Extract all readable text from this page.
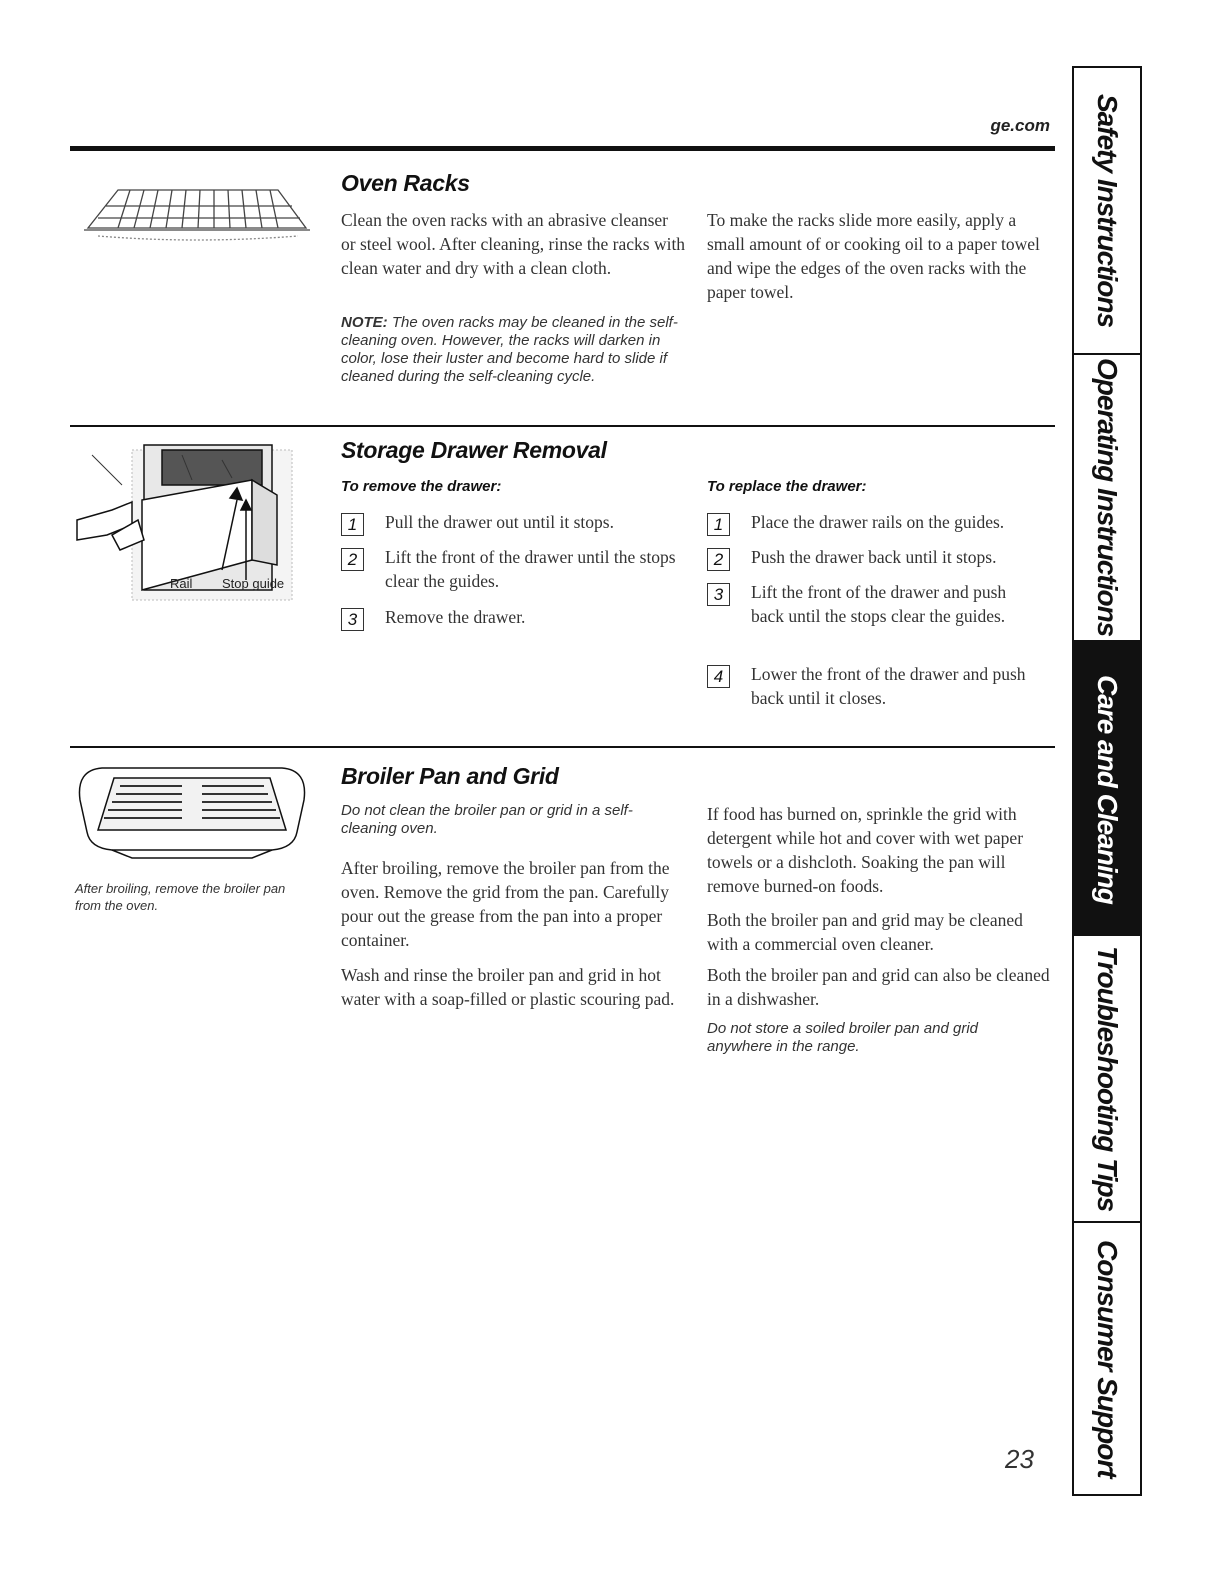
ge.com
Oven Racks
Clean the oven racks with an abrasive cleanser or steel wool. After cleaning, rinse the racks with clean water and dry with a clean cloth.
NOTE: The oven racks may be cleaned in the self-cleaning oven. However, the racks will darken in color, lose their luster and become hard to slide if cleaned during the self-cleaning cycle.
To make the racks slide more easily, apply a small amount of or cooking oil to a paper towel and wipe the edges of the oven racks with the paper towel.
Rail Stop guide
Storage Drawer Removal
To remove the drawer:	To replace the drawer:
1	Pull the drawer out until it stops.
2	Lift the front of the drawer until the stops clear the guides.
3	Remove the drawer.
1	Place the drawer rails on the guides.
2	Push the drawer back until it stops.
3	Lift the front of the drawer and push back until the stops clear the guides.
4	Lower the front of the drawer and push back until it closes.
After broiling, remove the broiler pan from the oven.
Broiler Pan and Grid
Do not clean the broiler pan or grid in a self-cleaning oven.
After broiling, remove the broiler pan from the oven. Remove the grid from the pan. Carefully pour out the grease from the pan into a proper container.
Wash and rinse the broiler pan and grid in hot water with a soap-filled or plastic scouring pad.
If food has burned on, sprinkle the grid with detergent while hot and cover with wet paper towels or a dishcloth. Soaking the pan will remove burned-on foods.
Both the broiler pan and grid may be cleaned with a commercial oven cleaner.
Both the broiler pan and grid can also be cleaned in a dishwasher.
Do not store a soiled broiler pan and grid anywhere in the range.
Safety Instructions
Operating Instructions
Care and Cleaning
Troubleshooting Tips
Consumer Support
23
